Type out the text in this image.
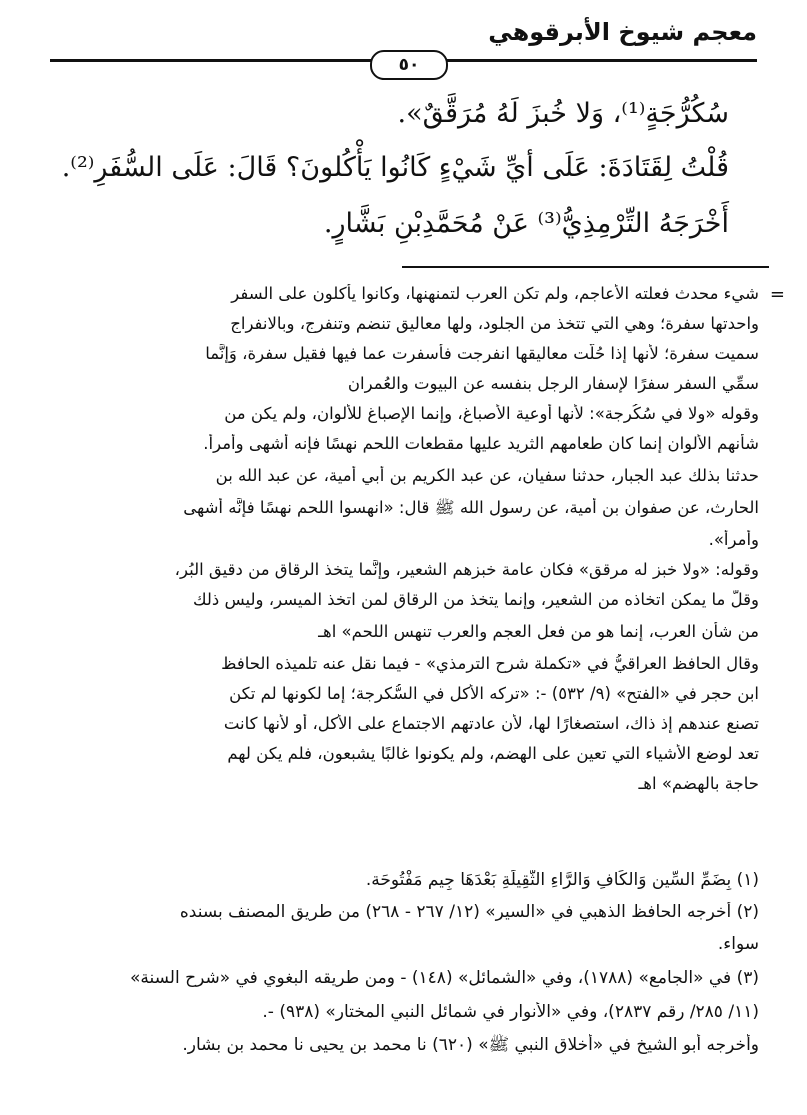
معجم شيوخ الأبرقوهي
٥٠
سُكُرُّجَةٍ⁽¹⁾، وَلا خُبزَ لَهُ مُرَقَّقٌ».
قُلْتُ لِقَتَادَةَ: عَلَى أيِّ شَيْءٍ كَانُوا يَأْكُلونَ؟ قَالَ: عَلَى السُّفَرِ⁽²⁾.
أَخْرَجَهُ التِّرْمِذِيُّ⁽³⁾ عَنْ مُحَمَّدِبْنِ بَشَّارٍ.
=
شيء محدث فعلته الأعاجم، ولم تكن العرب لتمنهنها، وكانوا يأكلون على السفر
واحدتها سفرة؛ وهي التي تتخذ من الجلود، ولها معاليق تنضم وتنفرج، وبالانفراج
سميت سفرة؛ لأنها إذا حُلَّت معاليقها انفرجت فأسفرت عما فيها فقيل سفرة، وَإنَّما
سمِّي السفر سفرًا لإسفار الرجل بنفسه عن البيوت والعُمران
وقوله «ولا في سُكُرجة»: لأنها أوعية الأصباغ، وإنما الإصباغ للألوان، ولم يكن من
شأنهم الألوان إنما كان طعامهم الثريد عليها مقطعات اللحم نهسًا فإنه أشهى وأمرأ.
حدثنا بذلك عبد الجبار، حدثنا سفيان، عن عبد الكريم بن أبي أمية، عن عبد الله بن
الحارث، عن صفوان بن أمية، عن رسول الله ﷺ قال: «انهسوا اللحم نهسًا فإنَّه أشهى
وأمرأ».
وقوله: «ولا خبز له مرقق» فكان عامة خبزهم الشعير، وإنَّما يتخذ الرقاق من دقيق البُر،
وقلَّ ما يمكن اتخاذه من الشعير، وإنما يتخذ من الرقاق لمن اتخذ الميسر، وليس ذلك
من شأن العرب، إنما هو من فعل العجم والعرب تنهس اللحم» اهـ
وقال الحافظ العراقيُّ في «تكملة شرح الترمذي» - فيما نقل عنه تلميذه الحافظ
ابن حجر في «الفتح» (٩/ ٥٣٢) -: «تركه الأكل في السُّكرجة؛ إما لكونها لم تكن
تصنع عندهم إذ ذاك، استصغارًا لها، لأن عادتهم الاجتماع على الأكل، أو لأنها كانت
تعد لوضع الأشياء التي تعين على الهضم، ولم يكونوا غالبًا يشبعون، فلم يكن لهم
حاجة بالهضم» اهـ
(١) بِضَمِّ السِّينِ وَالكَافِ وَالرَّاءِ الثَّقِيلَةِ بَعْدَهَا جِيم مَفْتُوحَة.
(٢) أخرجه الحافظ الذهبي في «السير» (١٢/ ٢٦٧ - ٢٦٨) من طريق المصنف بسنده
سواء.
(٣) في «الجامع» (١٧٨٨)، وفي «الشمائل» (١٤٨) - ومن طريقه البغوي في «شرح السنة»
(١١/ ٢٨٥/ رقم ٢٨٣٧)، وفي «الأنوار في شمائل النبي المختار» (٩٣٨) -.
وأخرجه أبو الشيخ في «أخلاق النبي ﷺ» (٦٢٠) نا محمد بن يحيى نا محمد بن بشار.
